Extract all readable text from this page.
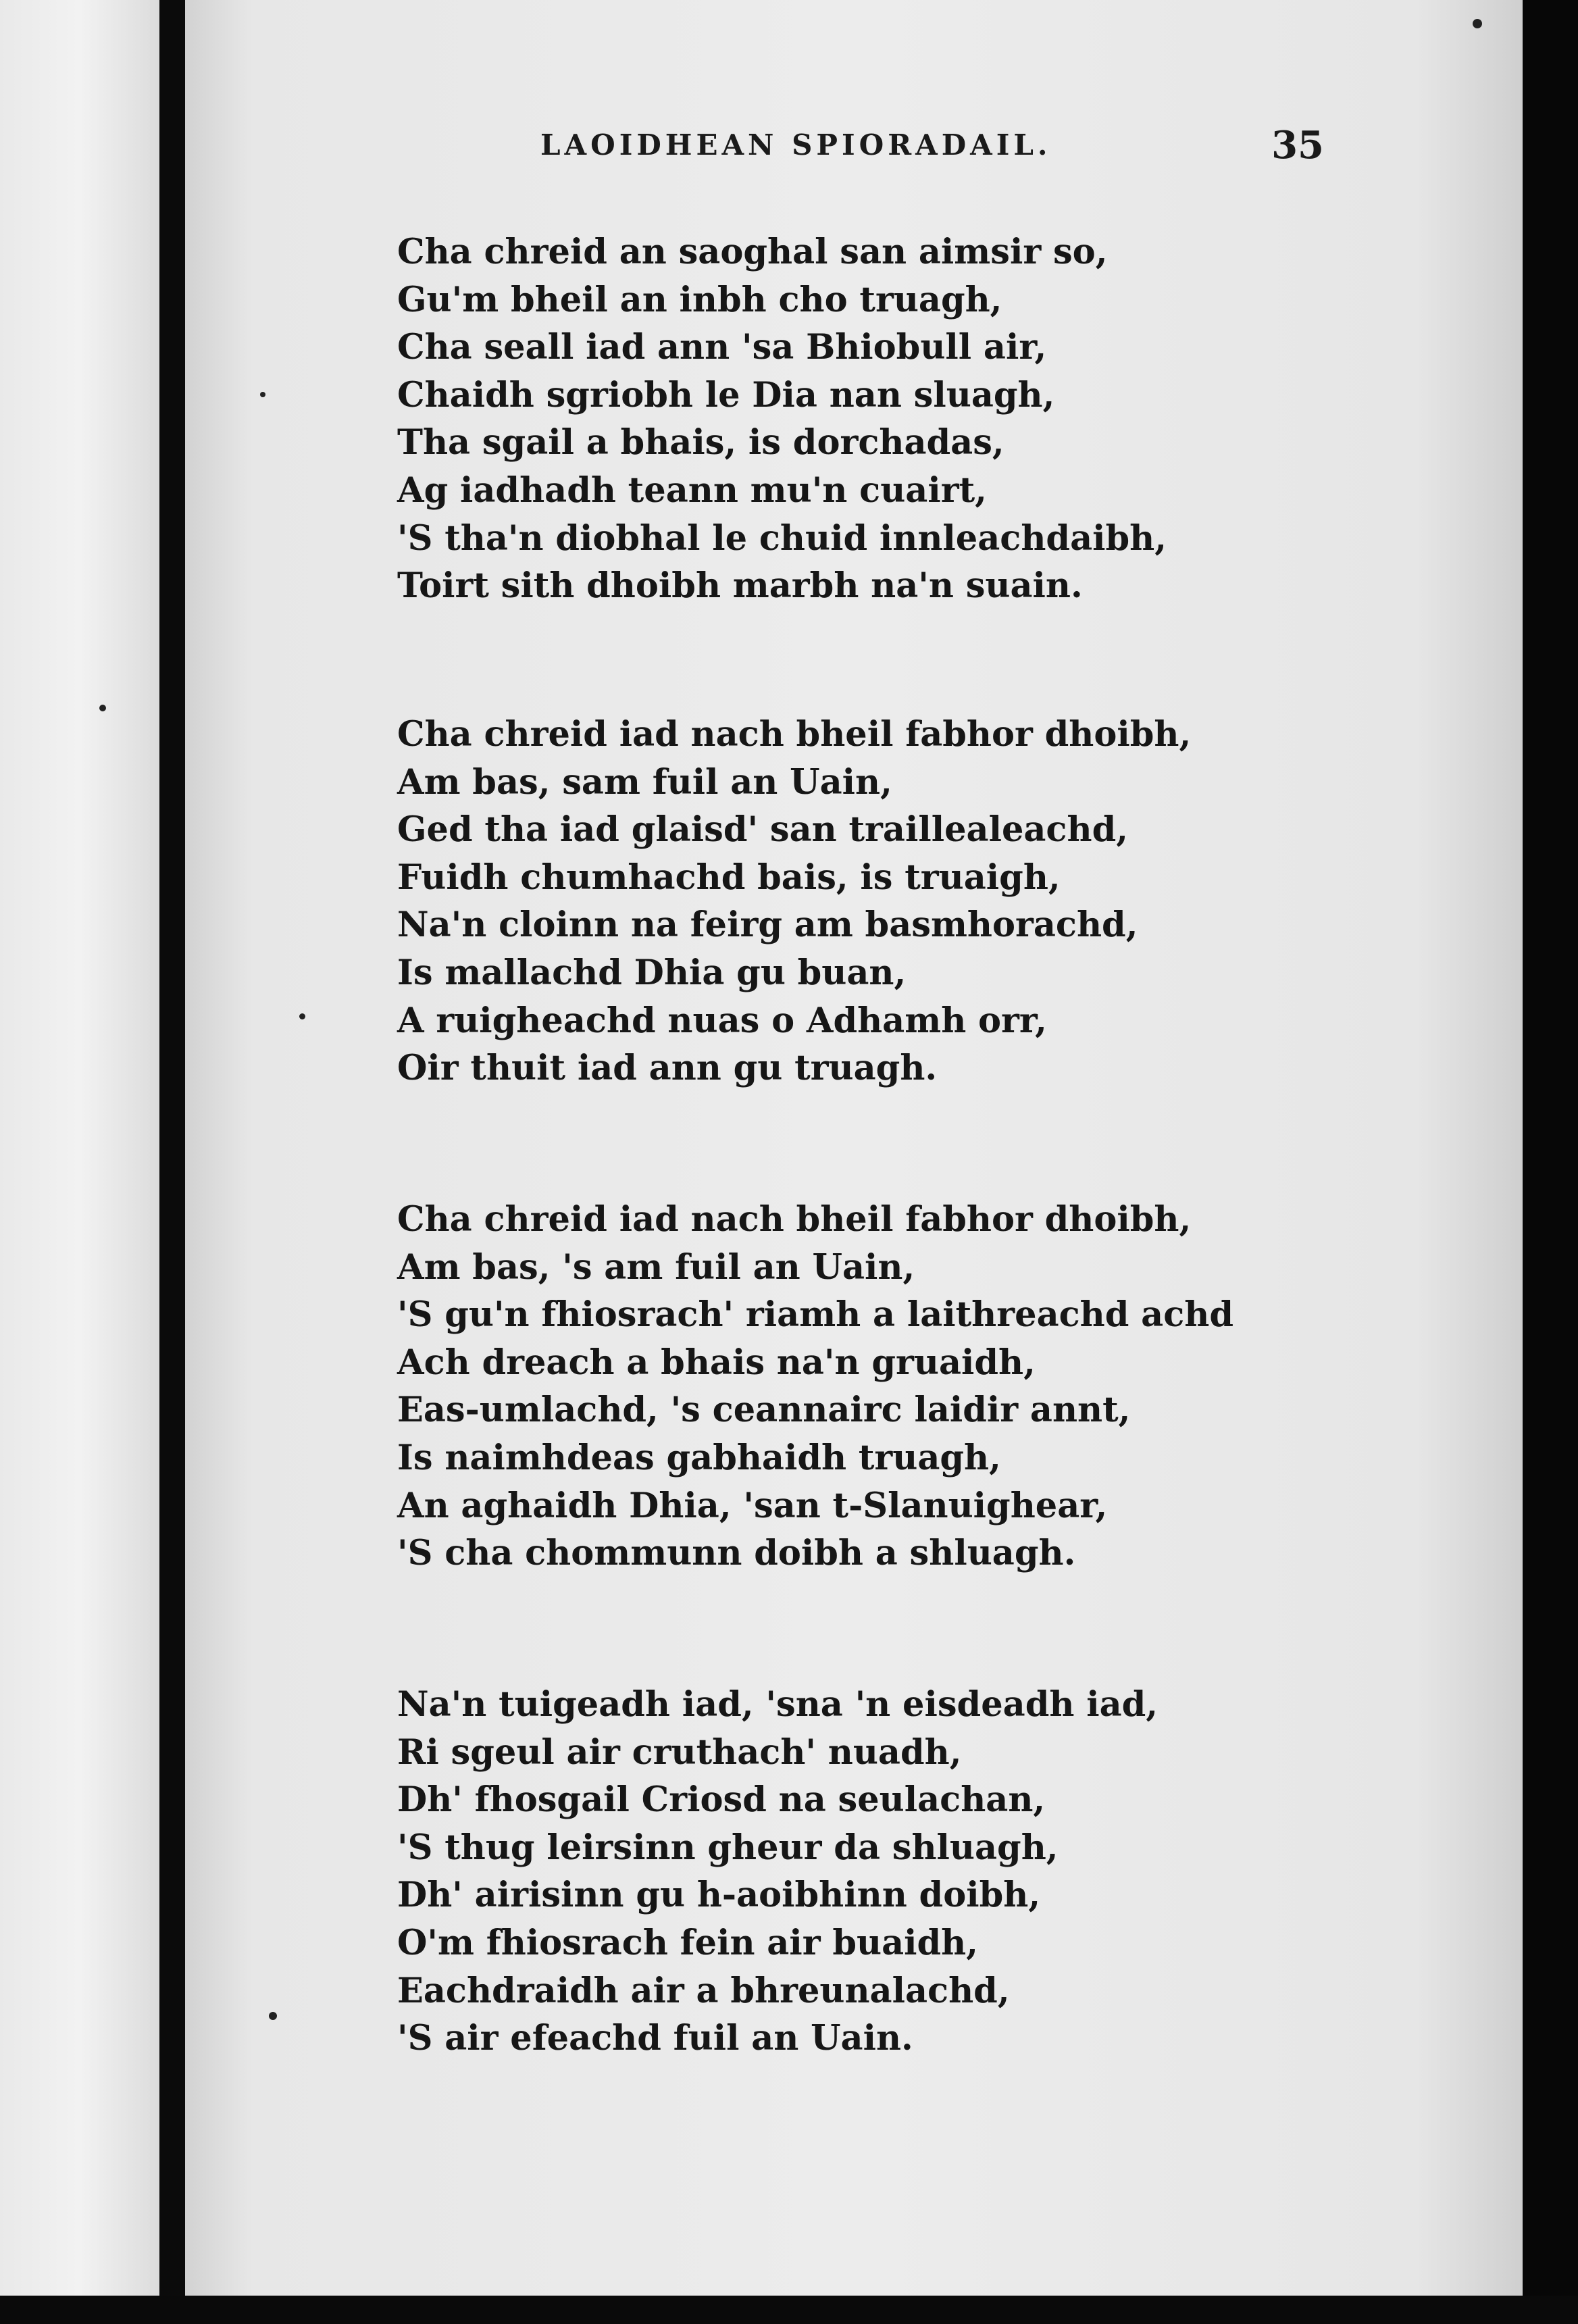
LAOIDHEAN SPIORADAIL.	35
Cha chreid an saoghal san aimsir so,
Gu'm bheil an inbh cho truagh,
Cha seall iad ann 'sa Bhiobull air,
Chaidh sgriobh le Dia nan sluagh,
Tha sgail a bhais, is dorchadas,
Ag iadhadh teann mu'n cuairt,
'S tha'n diobhal le chuid innleachdaibh,
Toirt sith dhoibh marbh na'n suain.
Cha chreid iad nach bheil fabhor dhoibh,
Am bas, sam fuil an Uain,
Ged tha iad glaisd' san traillealeachd,
Fuidh chumhachd bais, is truaigh,
Na'n cloinn na feirg am basmhorachd,
Is mallachd Dhia gu buan,
A ruigheachd nuas o Adhamh orr,
Oir thuit iad ann gu truagh.
Cha chreid iad nach bheil fabhor dhoibh,
Am bas, 's am fuil an Uain,
'S gu'n fhiosrach' riamh a laithreachd achd
Ach dreach a bhais na'n gruaidh,
Eas-umlachd, 's ceannairc laidir annt,
Is naimhdeas gabhaidh truagh,
An aghaidh Dhia, 'san t-Slanuighear,
'S cha chommunn doibh a shluagh.
Na'n tuigeadh iad, 'sna 'n eisdeadh iad,
Ri sgeul air cruthach' nuadh,
Dh' fhosgail Criosd na seulachan,
'S thug leirsinn gheur da shluagh,
Dh' airisinn gu h-aoibhinn doibh,
O'm fhiosrach fein air buaidh,
Eachdraidh air a bhreunalachd,
'S air efeachd fuil an Uain.
